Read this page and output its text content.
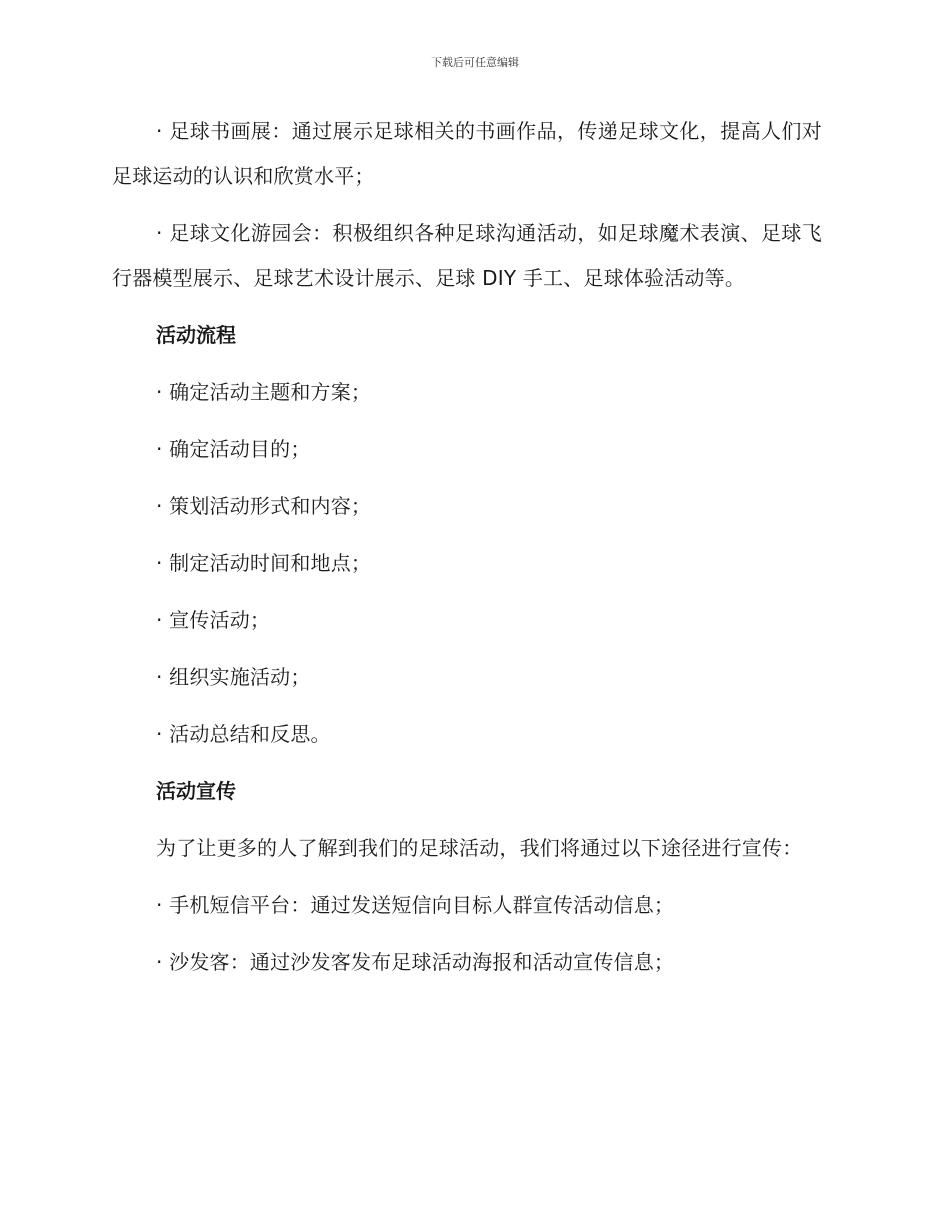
下载后可任意编辑

· 足球书画展：通过展示足球相关的书画作品，传递足球文化，提高人们对足球运动的认识和欣赏水平；

· 足球文化游园会：积极组织各种足球沟通活动，如足球魔术表演、足球飞行器模型展示、足球艺术设计展示、足球 DIY 手工、足球体验活动等。

活动流程
· 确定活动主题和方案；
· 确定活动目的；
· 策划活动形式和内容；
· 制定活动时间和地点；
· 宣传活动；
· 组织实施活动；
· 活动总结和反思。
活动宣传

为了让更多的人了解到我们的足球活动，我们将通过以下途径进行宣传：

· 手机短信平台：通过发送短信向目标人群宣传活动信息；
· 沙发客：通过沙发客发布足球活动海报和活动宣传信息；
